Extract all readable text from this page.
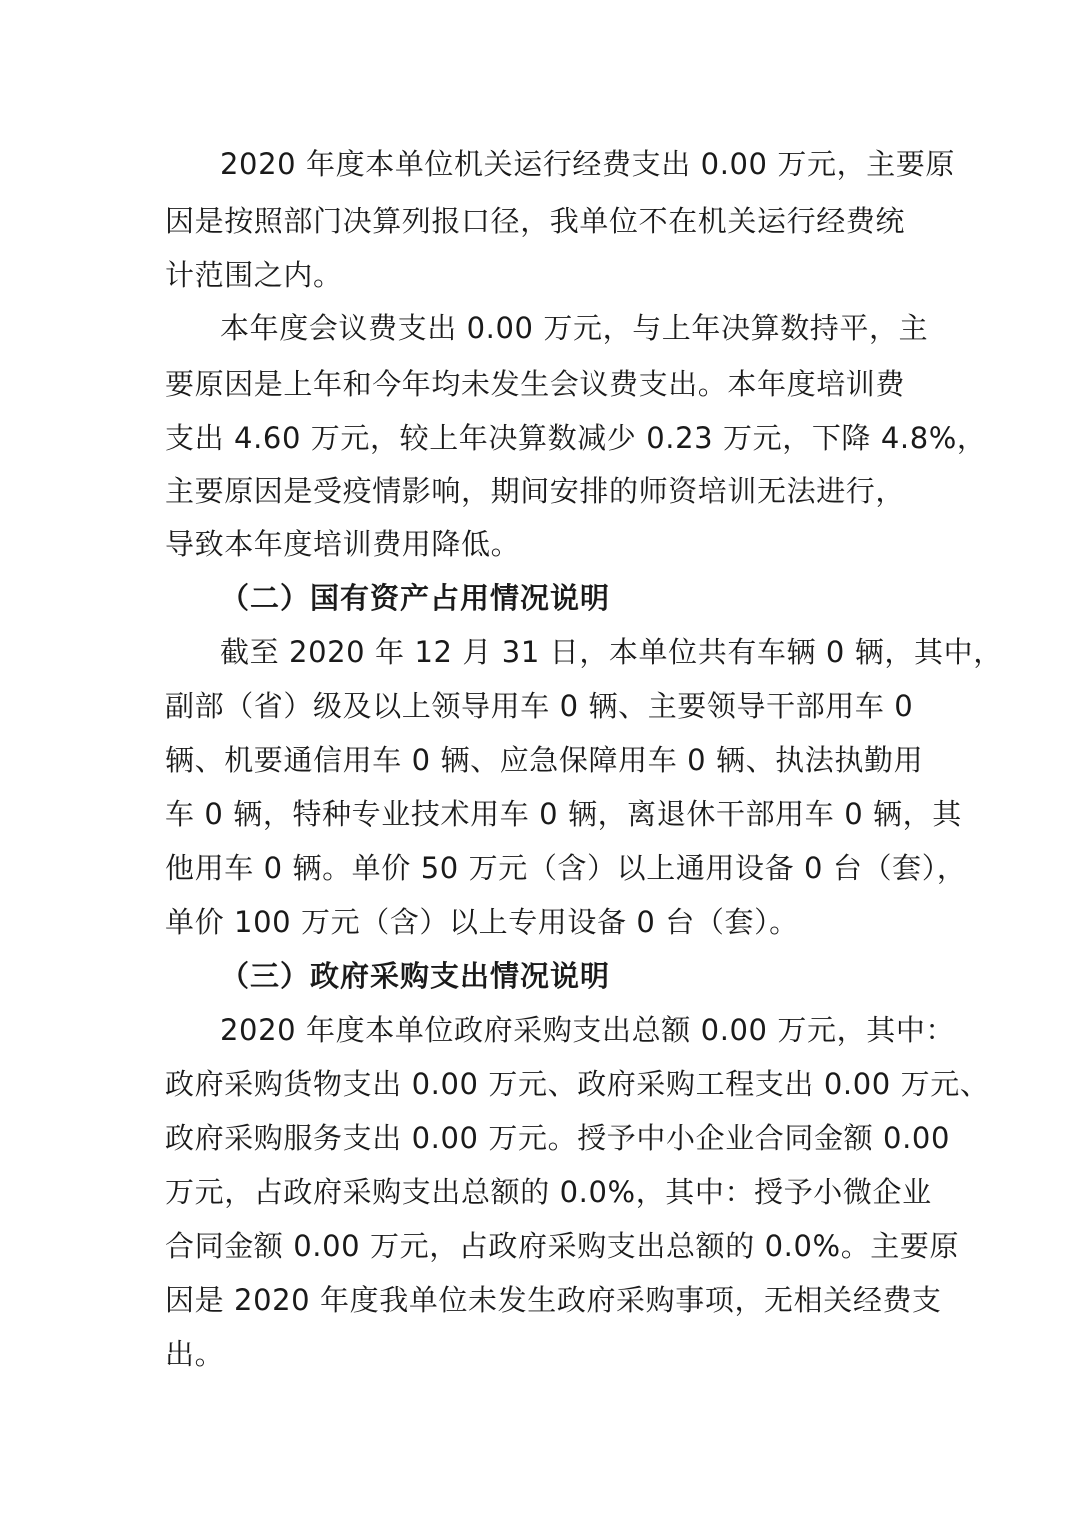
2020 年度本单位机关运行经费支出 0.00 万元，主要原
因是按照部门决算列报口径，我单位不在机关运行经费统
计范围之内。
本年度会议费支出 0.00 万元，与上年决算数持平，主
要原因是上年和今年均未发生会议费支出。本年度培训费
支出 4.60 万元，较上年决算数减少 0.23 万元，下降 4.8%，
主要原因是受疫情影响，期间安排的师资培训无法进行，
导致本年度培训费用降低。
（二）国有资产占用情况说明
截至 2020 年 12 月 31 日，本单位共有车辆 0 辆，其中，
副部（省）级及以上领导用车 0 辆、主要领导干部用车 0
辆、机要通信用车 0 辆、应急保障用车 0 辆、执法执勤用
车 0 辆，特种专业技术用车 0 辆，离退休干部用车 0 辆，其
他用车 0 辆。单价 50 万元（含）以上通用设备 0 台（套），
单价 100 万元（含）以上专用设备 0 台（套）。
（三）政府采购支出情况说明
2020 年度本单位政府采购支出总额 0.00 万元，其中：
政府采购货物支出 0.00 万元、政府采购工程支出 0.00 万元、
政府采购服务支出 0.00 万元。授予中小企业合同金额 0.00
万元，占政府采购支出总额的 0.0%，其中：授予小微企业
合同金额 0.00 万元，占政府采购支出总额的 0.0%。主要原
因是 2020 年度我单位未发生政府采购事项，无相关经费支
出。
